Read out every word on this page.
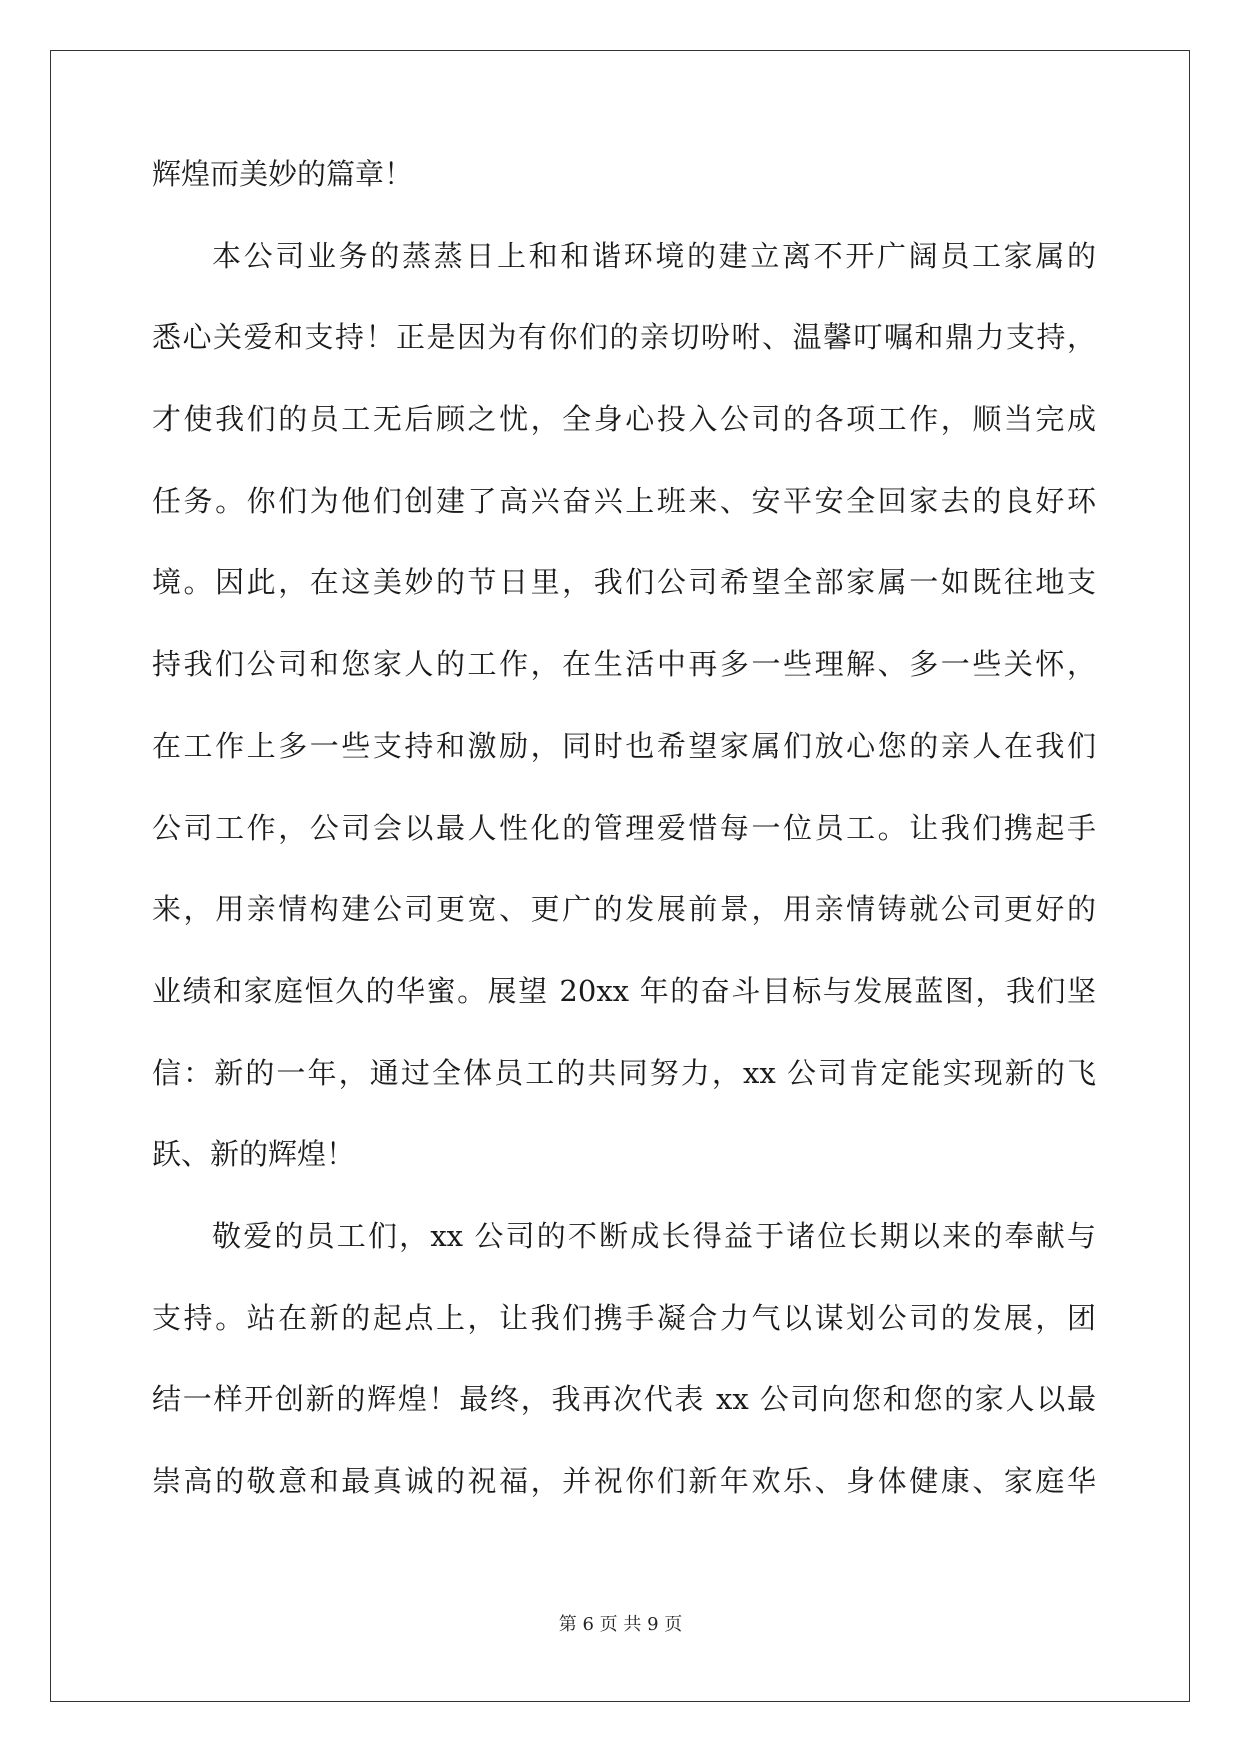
辉煌而美妙的篇章！
本公司业务的蒸蒸日上和和谐环境的建立离不开广阔员工家属的
悉心关爱和支持！正是因为有你们的亲切吩咐、温馨叮嘱和鼎力支持，
才使我们的员工无后顾之忧，全身心投入公司的各项工作，顺当完成
任务。你们为他们创建了高兴奋兴上班来、安平安全回家去的良好环
境。因此，在这美妙的节日里，我们公司希望全部家属一如既往地支
持我们公司和您家人的工作，在生活中再多一些理解、多一些关怀，
在工作上多一些支持和激励，同时也希望家属们放心您的亲人在我们
公司工作，公司会以最人性化的管理爱惜每一位员工。让我们携起手
来，用亲情构建公司更宽、更广的发展前景，用亲情铸就公司更好的
业绩和家庭恒久的华蜜。展望 20xx 年的奋斗目标与发展蓝图，我们坚
信：新的一年，通过全体员工的共同努力，xx 公司肯定能实现新的飞
跃、新的辉煌！
敬爱的员工们，xx 公司的不断成长得益于诸位长期以来的奉献与
支持。站在新的起点上，让我们携手凝合力气以谋划公司的发展，团
结一样开创新的辉煌！最终，我再次代表 xx 公司向您和您的家人以最
崇高的敬意和最真诚的祝福，并祝你们新年欢乐、身体健康、家庭华
第 6 页 共 9 页
